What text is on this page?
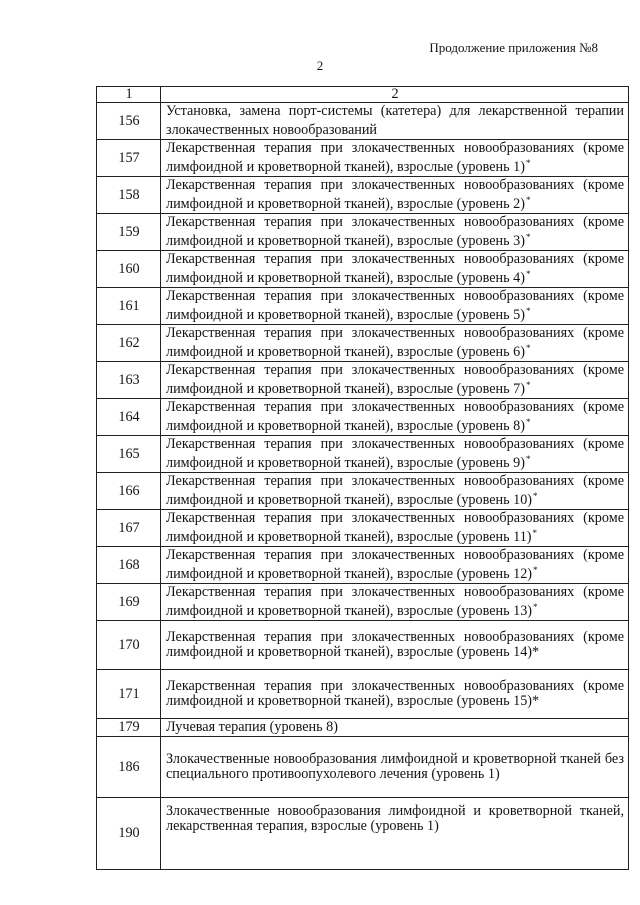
Продолжение приложения №8
2
1	2
156	Установка, замена порт-системы (катетера) для лекарственной терапии злокачественных новообразований
157	Лекарственная терапия при злокачественных новообразованиях (кроме лимфоидной и кроветворной тканей), взрослые (уровень 1)*
158	Лекарственная терапия при злокачественных новообразованиях (кроме лимфоидной и кроветворной тканей), взрослые (уровень 2)*
159	Лекарственная терапия при злокачественных новообразованиях (кроме лимфоидной и кроветворной тканей), взрослые (уровень 3)*
160	Лекарственная терапия при злокачественных новообразованиях (кроме лимфоидной и кроветворной тканей), взрослые (уровень 4)*
161	Лекарственная терапия при злокачественных новообразованиях (кроме лимфоидной и кроветворной тканей), взрослые (уровень 5)*
162	Лекарственная терапия при злокачественных новообразованиях (кроме лимфоидной и кроветворной тканей), взрослые (уровень 6)*
163	Лекарственная терапия при злокачественных новообразованиях (кроме лимфоидной и кроветворной тканей), взрослые (уровень 7)*
164	Лекарственная терапия при злокачественных новообразованиях (кроме лимфоидной и кроветворной тканей), взрослые (уровень 8)*
165	Лекарственная терапия при злокачественных новообразованиях (кроме лимфоидной и кроветворной тканей), взрослые (уровень 9)*
166	Лекарственная терапия при злокачественных новообразованиях (кроме лимфоидной и кроветворной тканей), взрослые (уровень 10)*
167	Лекарственная терапия при злокачественных новообразованиях (кроме лимфоидной и кроветворной тканей), взрослые (уровень 11)*
168	Лекарственная терапия при злокачественных новообразованиях (кроме лимфоидной и кроветворной тканей), взрослые (уровень 12)*
169	Лекарственная терапия при злокачественных новообразованиях (кроме лимфоидной и кроветворной тканей), взрослые (уровень 13)*
170	Лекарственная терапия при злокачественных новообразованиях (кроме лимфоидной и кроветворной тканей), взрослые (уровень 14)*
171	Лекарственная терапия при злокачественных новообразованиях (кроме лимфоидной и кроветворной тканей), взрослые (уровень 15)*
179	Лучевая терапия (уровень 8)
186	Злокачественные новообразования лимфоидной и кроветворной тканей без специального противоопухолевого лечения (уровень 1)
190	Злокачественные новообразования лимфоидной и кроветворной тканей, лекарственная терапия, взрослые (уровень 1)
